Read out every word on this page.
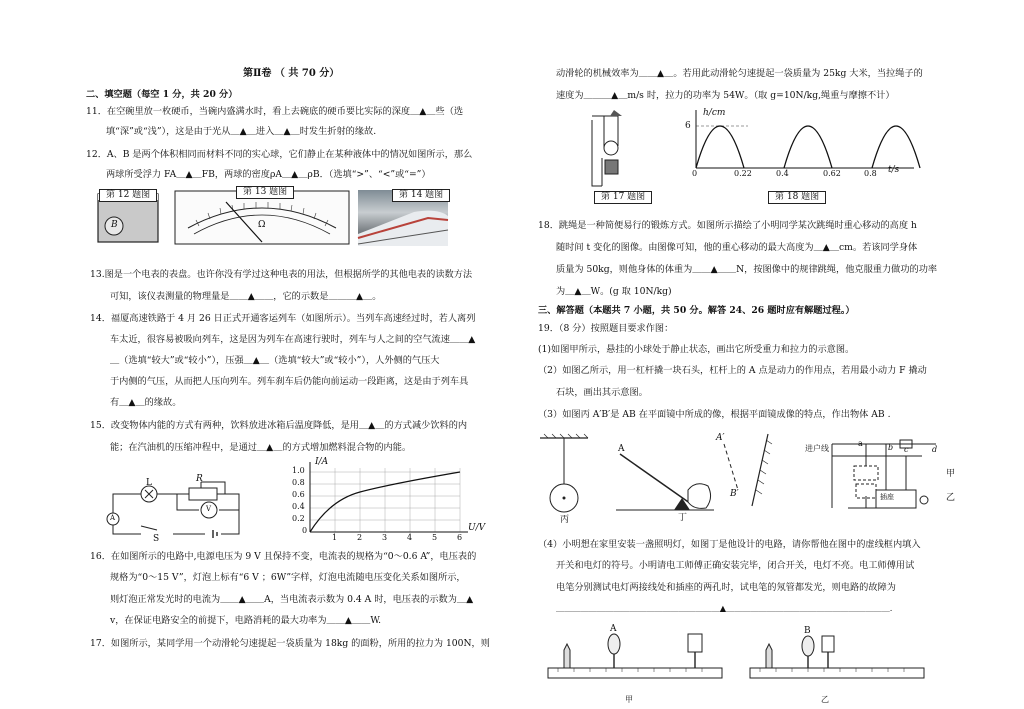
第Ⅱ卷 （ 共 70 分）
二、填空题（每空 1 分，共 20 分）
11．在空碗里放一枚硬币，当碗内盛满水时，看上去碗底的硬币要比实际的深度＿▲＿些（选
填“深”或“浅”），这是由于光从＿▲＿进入＿▲＿时发生折射的缘故.
12．A、B 是两个体积相同而材料不同的实心球，它们静止在某种液体中的情况如图所示，那么
两球所受浮力 FA＿▲＿FB，两球的密度ρA＿▲＿ρB．（选填“>”、“<”或“=”）
B
第 12 题图
Ω
第 13 题图	第 14 题图
13.图是一个电表的表盘。也许你没有学过这种电表的用法，但根据所学的其他电表的读数方法
可知，该仪表测量的物理量是＿＿▲＿＿，它的示数是＿＿＿▲＿。
14．福厦高速铁路于 4 月 26 日正式开通客运列车（如图所示）。当列车高速经过时，若人离列
车太近，很容易被吸向列车，这是因为列车在高速行驶时，列车与人之间的空气流速＿＿▲
＿（选填“较大”或“较小”），压强＿▲＿（选填“较大”或“较小”），人外侧的气压大
于内侧的气压，从而把人压向列车。列车刹车后仍能向前运动一段距离，这是由于列车具
有＿▲＿的缘故。
15．改变物体内能的方式有两种，饮料放进冰箱后温度降低，是用＿▲＿的方式减少饮料的内
能；在汽油机的压缩冲程中，是通过＿▲＿的方式增加燃料混合物的内能。
L
A
R
V
S
I/A
1.0
0.8
0.6
0.4
0.2
0
1 2 3 4 5 6
U/V
16．在如图所示的电路中,电源电压为 9 V 且保持不变，电流表的规格为“0～0.6 A”，电压表的
规格为“0～15 V”，灯泡上标有“6 V ；6W”字样，灯泡电流随电压变化关系如图所示，
则灯泡正常发光时的电流为＿＿▲＿＿A，当电流表示数为 0.4 A 时，电压表的示数为＿▲
v，在保证电路安全的前提下，电路消耗的最大功率为＿＿▲＿＿W.
17．如图所示，某同学用一个动滑轮匀速提起一袋质量为 18kg 的面粉，所用的拉力为 100N，则
动滑轮的机械效率为＿＿▲＿。若用此动滑轮匀速提起一袋质量为 25kg 大米，当拉绳子的
速度为＿＿＿▲＿m/s 时，拉力的功率为 54W。（取 g=10N/kg,绳重与摩擦不计）
第 17 题图
h/cm
6
0	0.22	0.4	0.62	0.8 t/s
第 18 题图
18．跳绳是一种简便易行的锻炼方式。如图所示描绘了小明同学某次跳绳时重心移动的高度 h
随时间 t 变化的图像。由图像可知，他的重心移动的最大高度为＿▲＿cm。若该同学身体
质量为 50kg，则他身体的体重为＿＿▲＿＿N，按图像中的规律跳绳，他克服重力做功的功率
为＿▲＿W。(g 取 10N/kg)
三、解答题（本题共 7 小题，共 50 分。解答 24、26 题时应有解题过程。）
19．（8 分）按照题目要求作图：
(1)如图甲所示，悬挂的小球处于静止状态，画出它所受重力和拉力的示意图。
（2）如图乙所示，用一杠杆撬一块石头，杠杆上的 A 点是动力的作用点，若用最小动力 F 撬动
石块，画出其示意图。
（3）如图丙 A′B′是 AB 在平面镜中所成的像，根据平面镜成像的特点，作出物体 AB .
丙
A
丁
A′
B′
进户线
a	b c	d
插座
甲
乙
（4）小明想在家里安装一盏照明灯，如图丁是他设计的电路，请你帮他在图中的虚线框内填入
开关和电灯的符号。小明请电工师傅正确安装完毕，闭合开关，电灯不亮。电工师傅用试
电笔分别测试电灯两接线处和插座的两孔时，试电笔的氖管都发光，则电路的故障为
＿＿＿＿＿＿＿＿＿＿＿＿＿＿＿＿＿＿＿＿▲＿＿＿＿＿＿＿＿＿＿＿＿＿＿＿＿＿＿＿＿.
A
甲
B
乙
